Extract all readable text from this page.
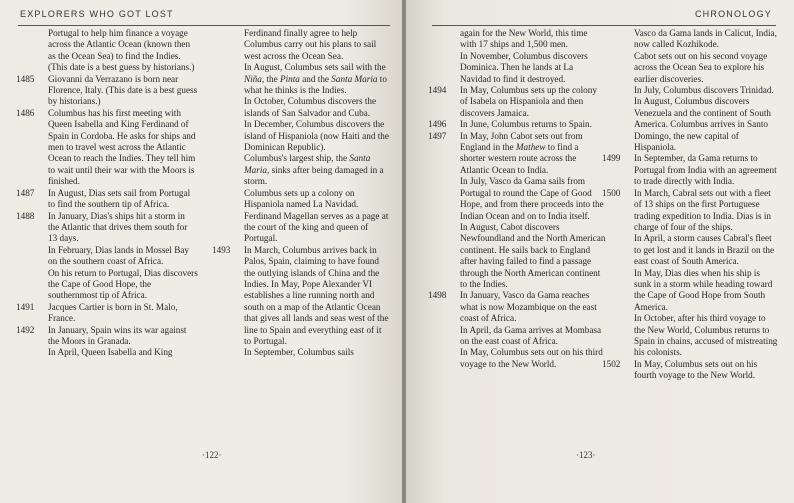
EXPLORERS WHO GOT LOST

Portugal to help him finance a voyage across the Atlantic Ocean (known then as the Ocean Sea) to find the Indies. (This date is a best guess by historians.)

1485	Giovanni da Verrazano is born near Florence, Italy. (This date is a best guess by historians.)

1486	Columbus has his first meeting with Queen Isabella and King Ferdinand of Spain in Cordoba. He asks for ships and men to travel west across the Atlantic Ocean to reach the Indies. They tell him to wait until their war with the Moors is finished.

1487	In August, Dias sets sail from Portugal to find the southern tip of Africa.

1488	In January, Dias's ships hit a storm in the Atlantic that drives them south for 13 days.

In February, Dias lands in Mossel Bay on the southern coast of Africa.

On his return to Portugal, Dias discovers the Cape of Good Hope, the southernmost tip of Africa.

1491	Jacques Cartier is born in St. Malo, France.

1492	In January, Spain wins its war against the Moors in Granada.

In April, Queen Isabella and King

Ferdinand finally agree to help Columbus carry out his plans to sail west across the Ocean Sea.

In August, Columbus sets sail with the Niña, the Pinta and the Santa Maria to what he thinks is the Indies.

In October, Columbus discovers the islands of San Salvador and Cuba.

In December, Columbus discovers the island of Hispaniola (now Haiti and the Dominican Republic).

Columbus's largest ship, the Santa Maria, sinks after being damaged in a storm.

Columbus sets up a colony on Hispaniola named La Navidad.

Ferdinand Magellan serves as a page at the court of the king and queen of Portugal.

1493	In March, Columbus arrives back in Palos, Spain, claiming to have found the outlying islands of China and the Indies. In May, Pope Alexander VI establishes a line running north and south on a map of the Atlantic Ocean that gives all lands and seas west of the line to Spain and everything east of it to Portugal.

In September, Columbus sails

·122·
CHRONOLOGY

again for the New World, this time with 17 ships and 1,500 men.

In November, Columbus discovers Dominica. Then he lands at La Navidad to find it destroyed.

1494	In May, Columbus sets up the colony of Isabela on Hispaniola and then discovers Jamaica.

1496	In June, Columbus returns to Spain.

1497	In May, John Cabot sets out from England in the Mathew to find a shorter western route across the Atlantic Ocean to India.

In July, Vasco da Gama sails from Portugal to round the Cape of Good Hope, and from there proceeds into the Indian Ocean and on to India itself.

In August, Cabot discovers Newfoundland and the North American continent. He sails back to England after having failed to find a passage through the North American continent to the Indies.

1498	In January, Vasco da Gama reaches what is now Mozambique on the east coast of Africa.

In April, da Gama arrives at Mombasa on the east coast of Africa.

In May, Columbus sets out on his third voyage to the New World.

Vasco da Gama lands in Calicut, India, now called Kozhikode.

Cabot sets out on his second voyage across the Ocean Sea to explore his earlier discoveries.

In July, Columbus discovers Trinidad.

In August, Columbus discovers Venezuela and the continent of South America. Columbus arrives in Santo Domingo, the new capital of Hispaniola.

1499	In September, da Gama returns to Portugal from India with an agreement to trade directly with India.

1500	In March, Cabral sets out with a fleet of 13 ships on the first Portuguese trading expedition to India. Dias is in charge of four of the ships.

In April, a storm causes Cabral's fleet to get lost and it lands in Brazil on the east coast of South America.

In May, Dias dies when his ship is sunk in a storm while heading toward the Cape of Good Hope from South America.

In October, after his third voyage to the New World, Columbus returns to Spain in chains, accused of mistreating his colonists.

1502	In May, Columbus sets out on his fourth voyage to the New World.

·123·
